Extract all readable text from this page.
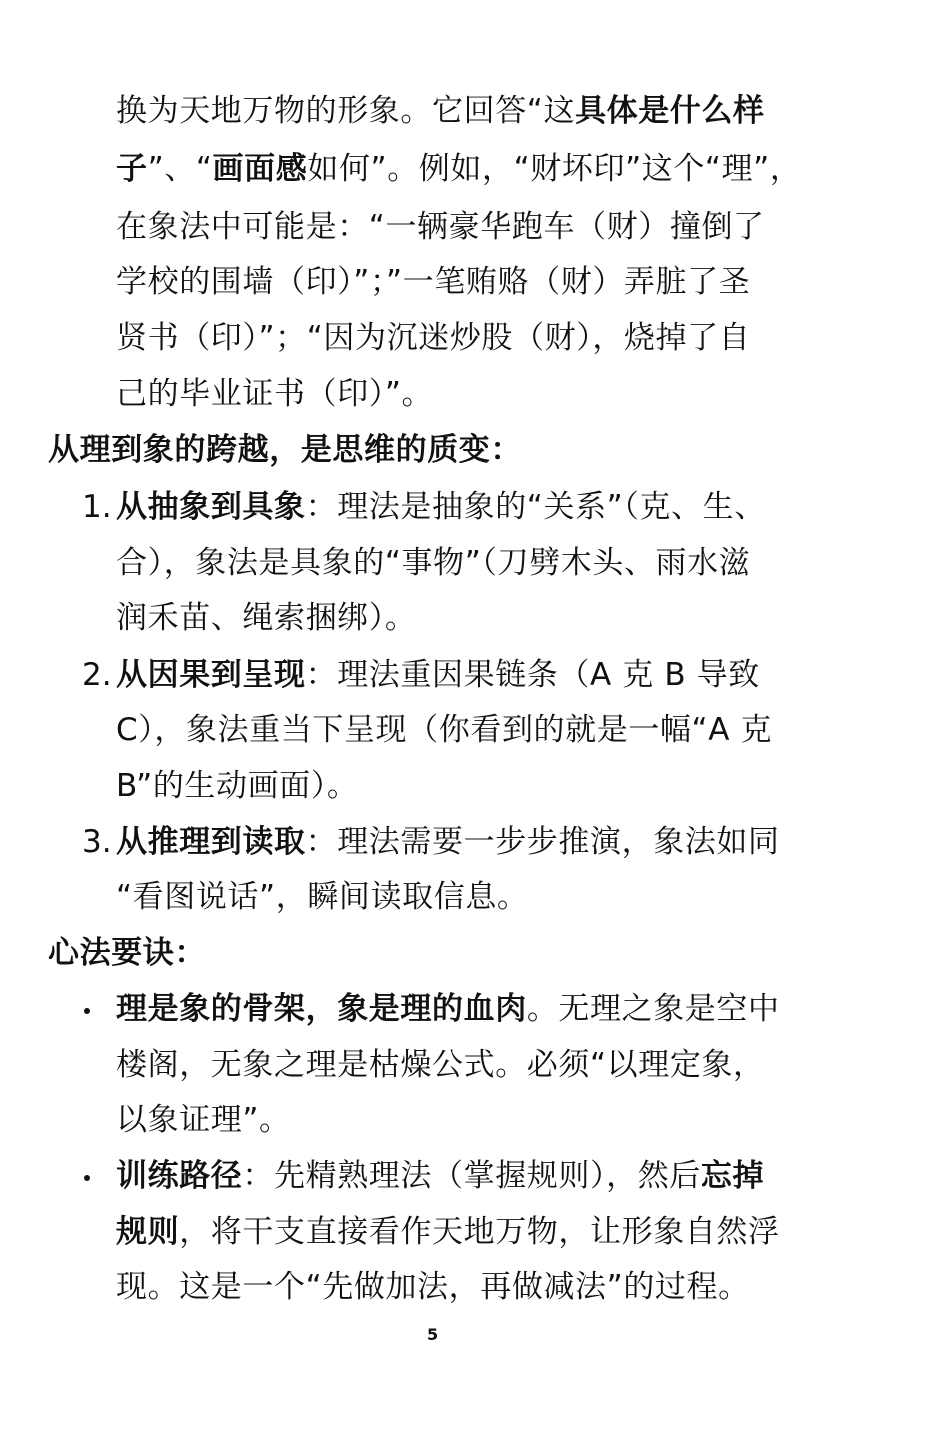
换为天地万物的形象。它回答“这具体是什么样
子”、“画面感如何”。例如，“财坏印”这个“理”，
在象法中可能是：“一辆豪华跑车（财）撞倒了
学校的围墙（印）”；”一笔贿赂（财）弄脏了圣
贤书（印）”；“因为沉迷炒股（财），烧掉了自
己的毕业证书（印）”。
从理到象的跨越，是思维的质变：
1. 从抽象到具象：理法是抽象的“关系”（克、生、
合），象法是具象的“事物”（刀劈木头、雨水滋
润禾苗、绳索捆绑）。
2. 从因果到呈现：理法重因果链条（A 克 B 导致
C），象法重当下呈现（你看到的就是一幅“A 克
B”的生动画面）。
3. 从推理到读取：理法需要一步步推演，象法如同
“看图说话”，瞬间读取信息。
心法要诀：
理是象的骨架，象是理的血肉。无理之象是空中
楼阁，无象之理是枯燥公式。必须“以理定象，
以象证理”。
训练路径：先精熟理法（掌握规则），然后忘掉
规则，将干支直接看作天地万物，让形象自然浮
现。这是一个“先做加法，再做减法”的过程。
5
